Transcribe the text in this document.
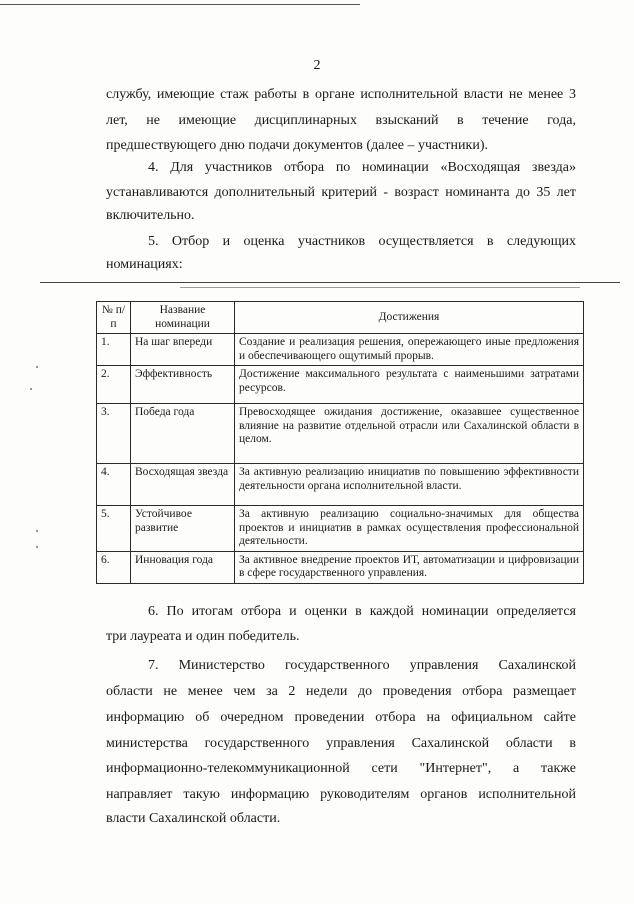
2
службу, имеющие стаж работы в органе исполнительной власти не менее 3
лет, не имеющие дисциплинарных взысканий в течение года,
предшествующего дню подачи документов (далее – участники).
4. Для участников отбора по номинации «Восходящая звезда»
устанавливаются дополнительный критерий - возраст номинанта до 35 лет
включительно.
5. Отбор и оценка участников осуществляется в следующих
номинациях:
№ п/п	Название номинации	Достижения
1.	На шаг впереди	Создание и реализация решения, опережающего иные предложения и обеспечивающего ощутимый прорыв.
2.	Эффективность	Достижение максимального результата с наименьшими затратами ресурсов.
3.	Победа года	Превосходящее ожидания достижение, оказавшее существенное влияние на развитие отдельной отрасли или Сахалинской области в целом.
4.	Восходящая звезда	За активную реализацию инициатив по повышению эффективности деятельности органа исполнительной власти.
5.	Устойчивое развитие	За активную реализацию социально-значимых для общества проектов и инициатив в рамках осуществления профессиональной деятельности.
6.	Инновация года	За активное внедрение проектов ИТ, автоматизации и цифровизации в сфере государственного управления.
6. По итогам отбора и оценки в каждой номинации определяется
три лауреата и один победитель.
7. Министерство государственного управления Сахалинской
области не менее чем за 2 недели до проведения отбора размещает
информацию об очередном проведении отбора на официальном сайте
министерства государственного управления Сахалинской области в
информационно-телекоммуникационной сети "Интернет", а также
направляет такую информацию руководителям органов исполнительной
власти Сахалинской области.
